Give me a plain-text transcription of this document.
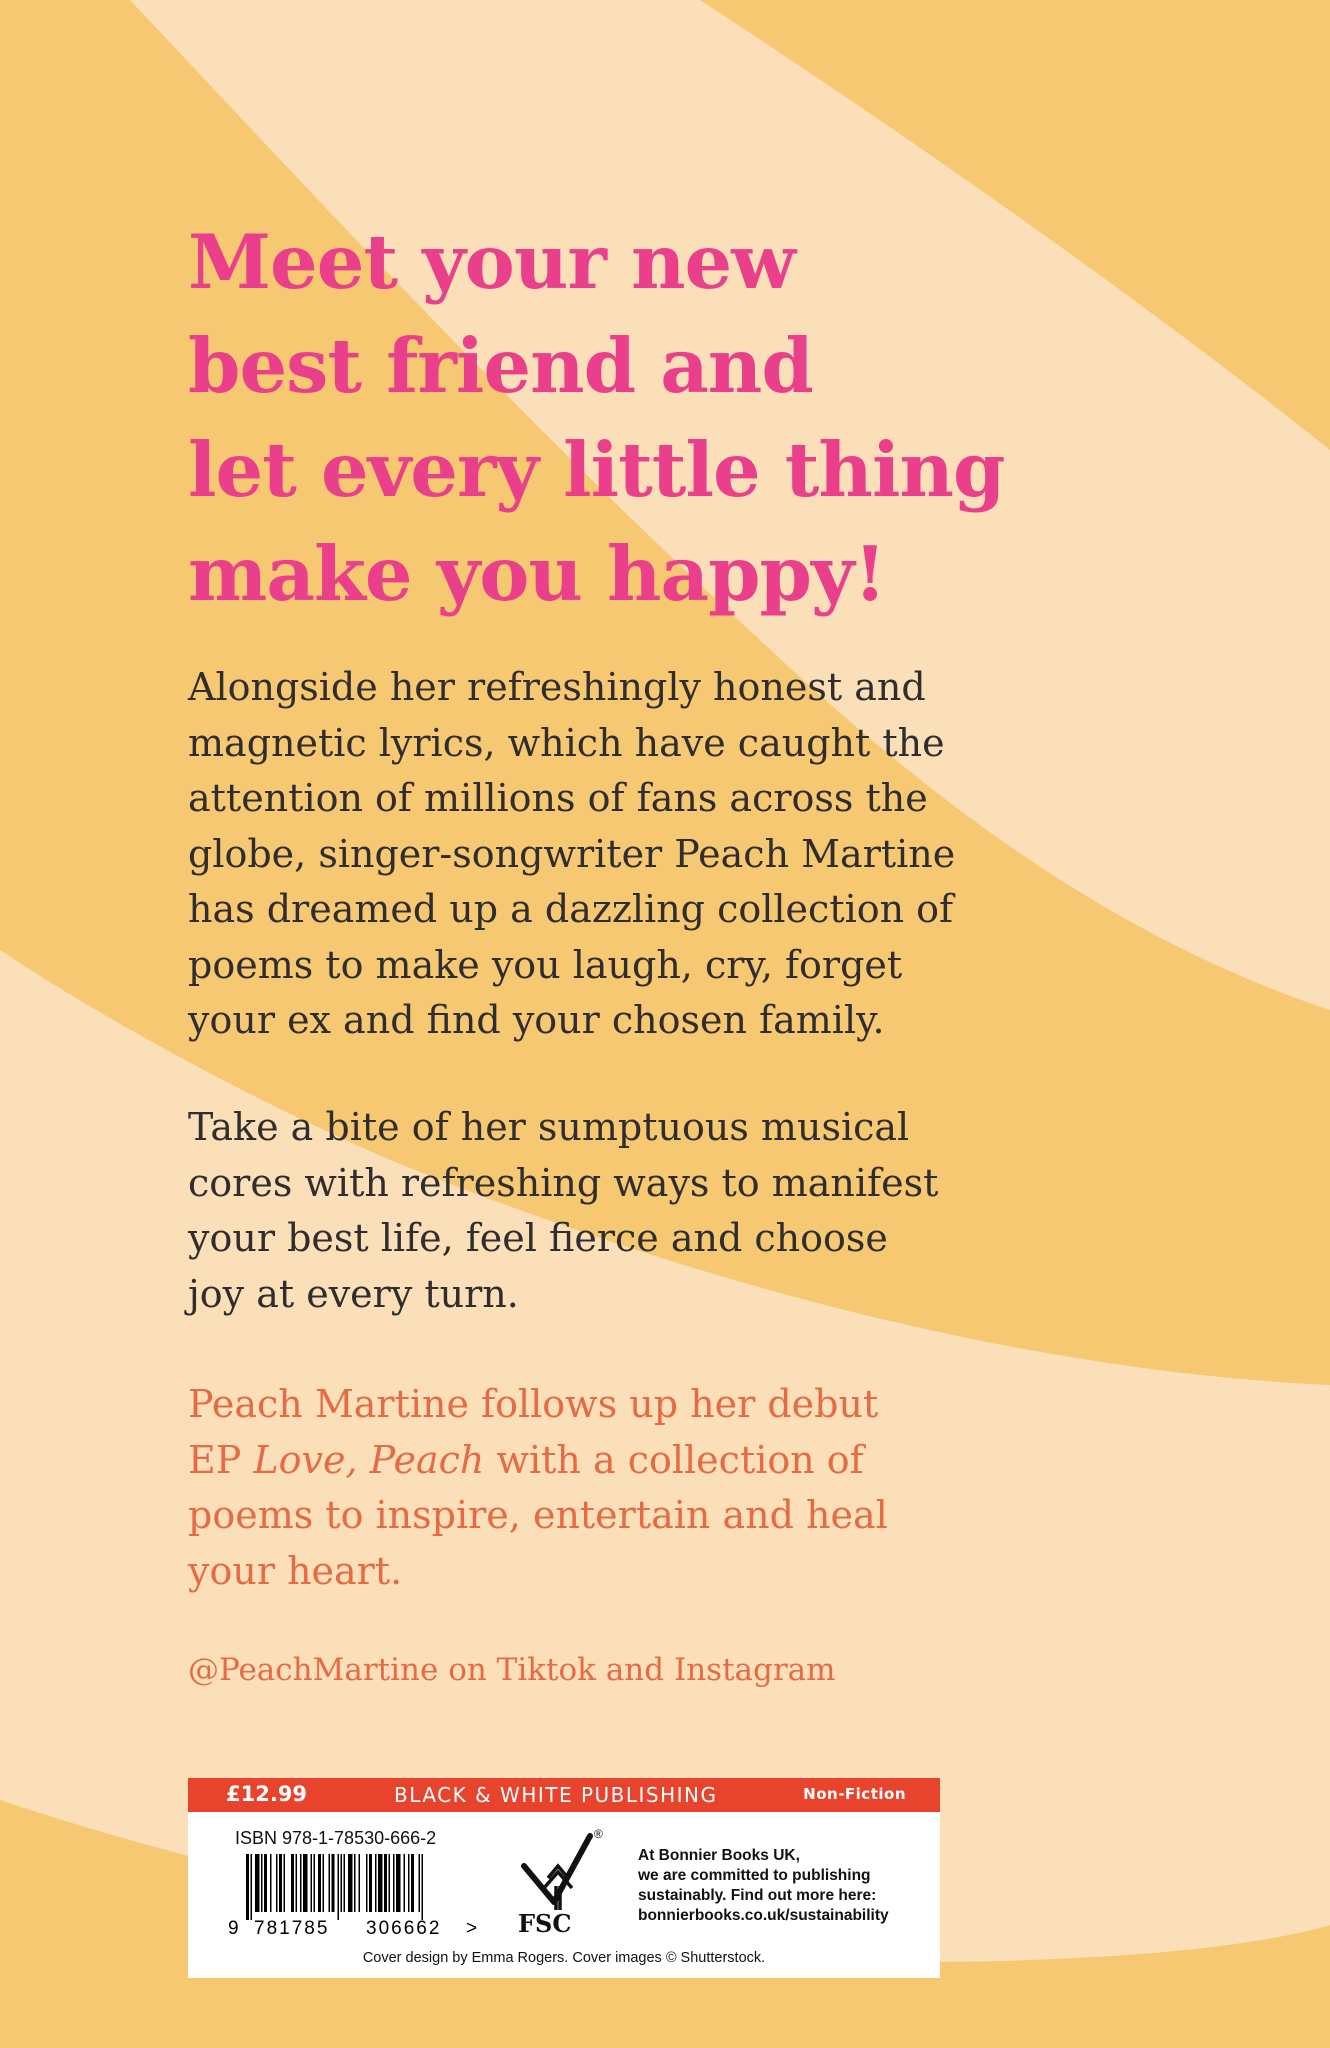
Meet your new
best friend and
let every little thing
make you happy!

Alongside her refreshingly honest and
magnetic lyrics, which have caught the
attention of millions of fans across the
globe, singer-songwriter Peach Martine
has dreamed up a dazzling collection of
poems to make you laugh, cry, forget
your ex and find your chosen family.

Take a bite of her sumptuous musical
cores with refreshing ways to manifest
your best life, feel fierce and choose
joy at every turn.

Peach Martine follows up her debut
EP Love, Peach with a collection of
poems to inspire, entertain and heal
your heart.

@PeachMartine on Tiktok and Instagram

£12.99	BLACK & WHITE PUBLISHING	Non-Fiction
ISBN 978-1-78530-666-2
9 781785 306662 >
®
FSC
At Bonnier Books UK,
we are committed to publishing
sustainably. Find out more here:
bonnierbooks.co.uk/sustainability
Cover design by Emma Rogers. Cover images © Shutterstock.
